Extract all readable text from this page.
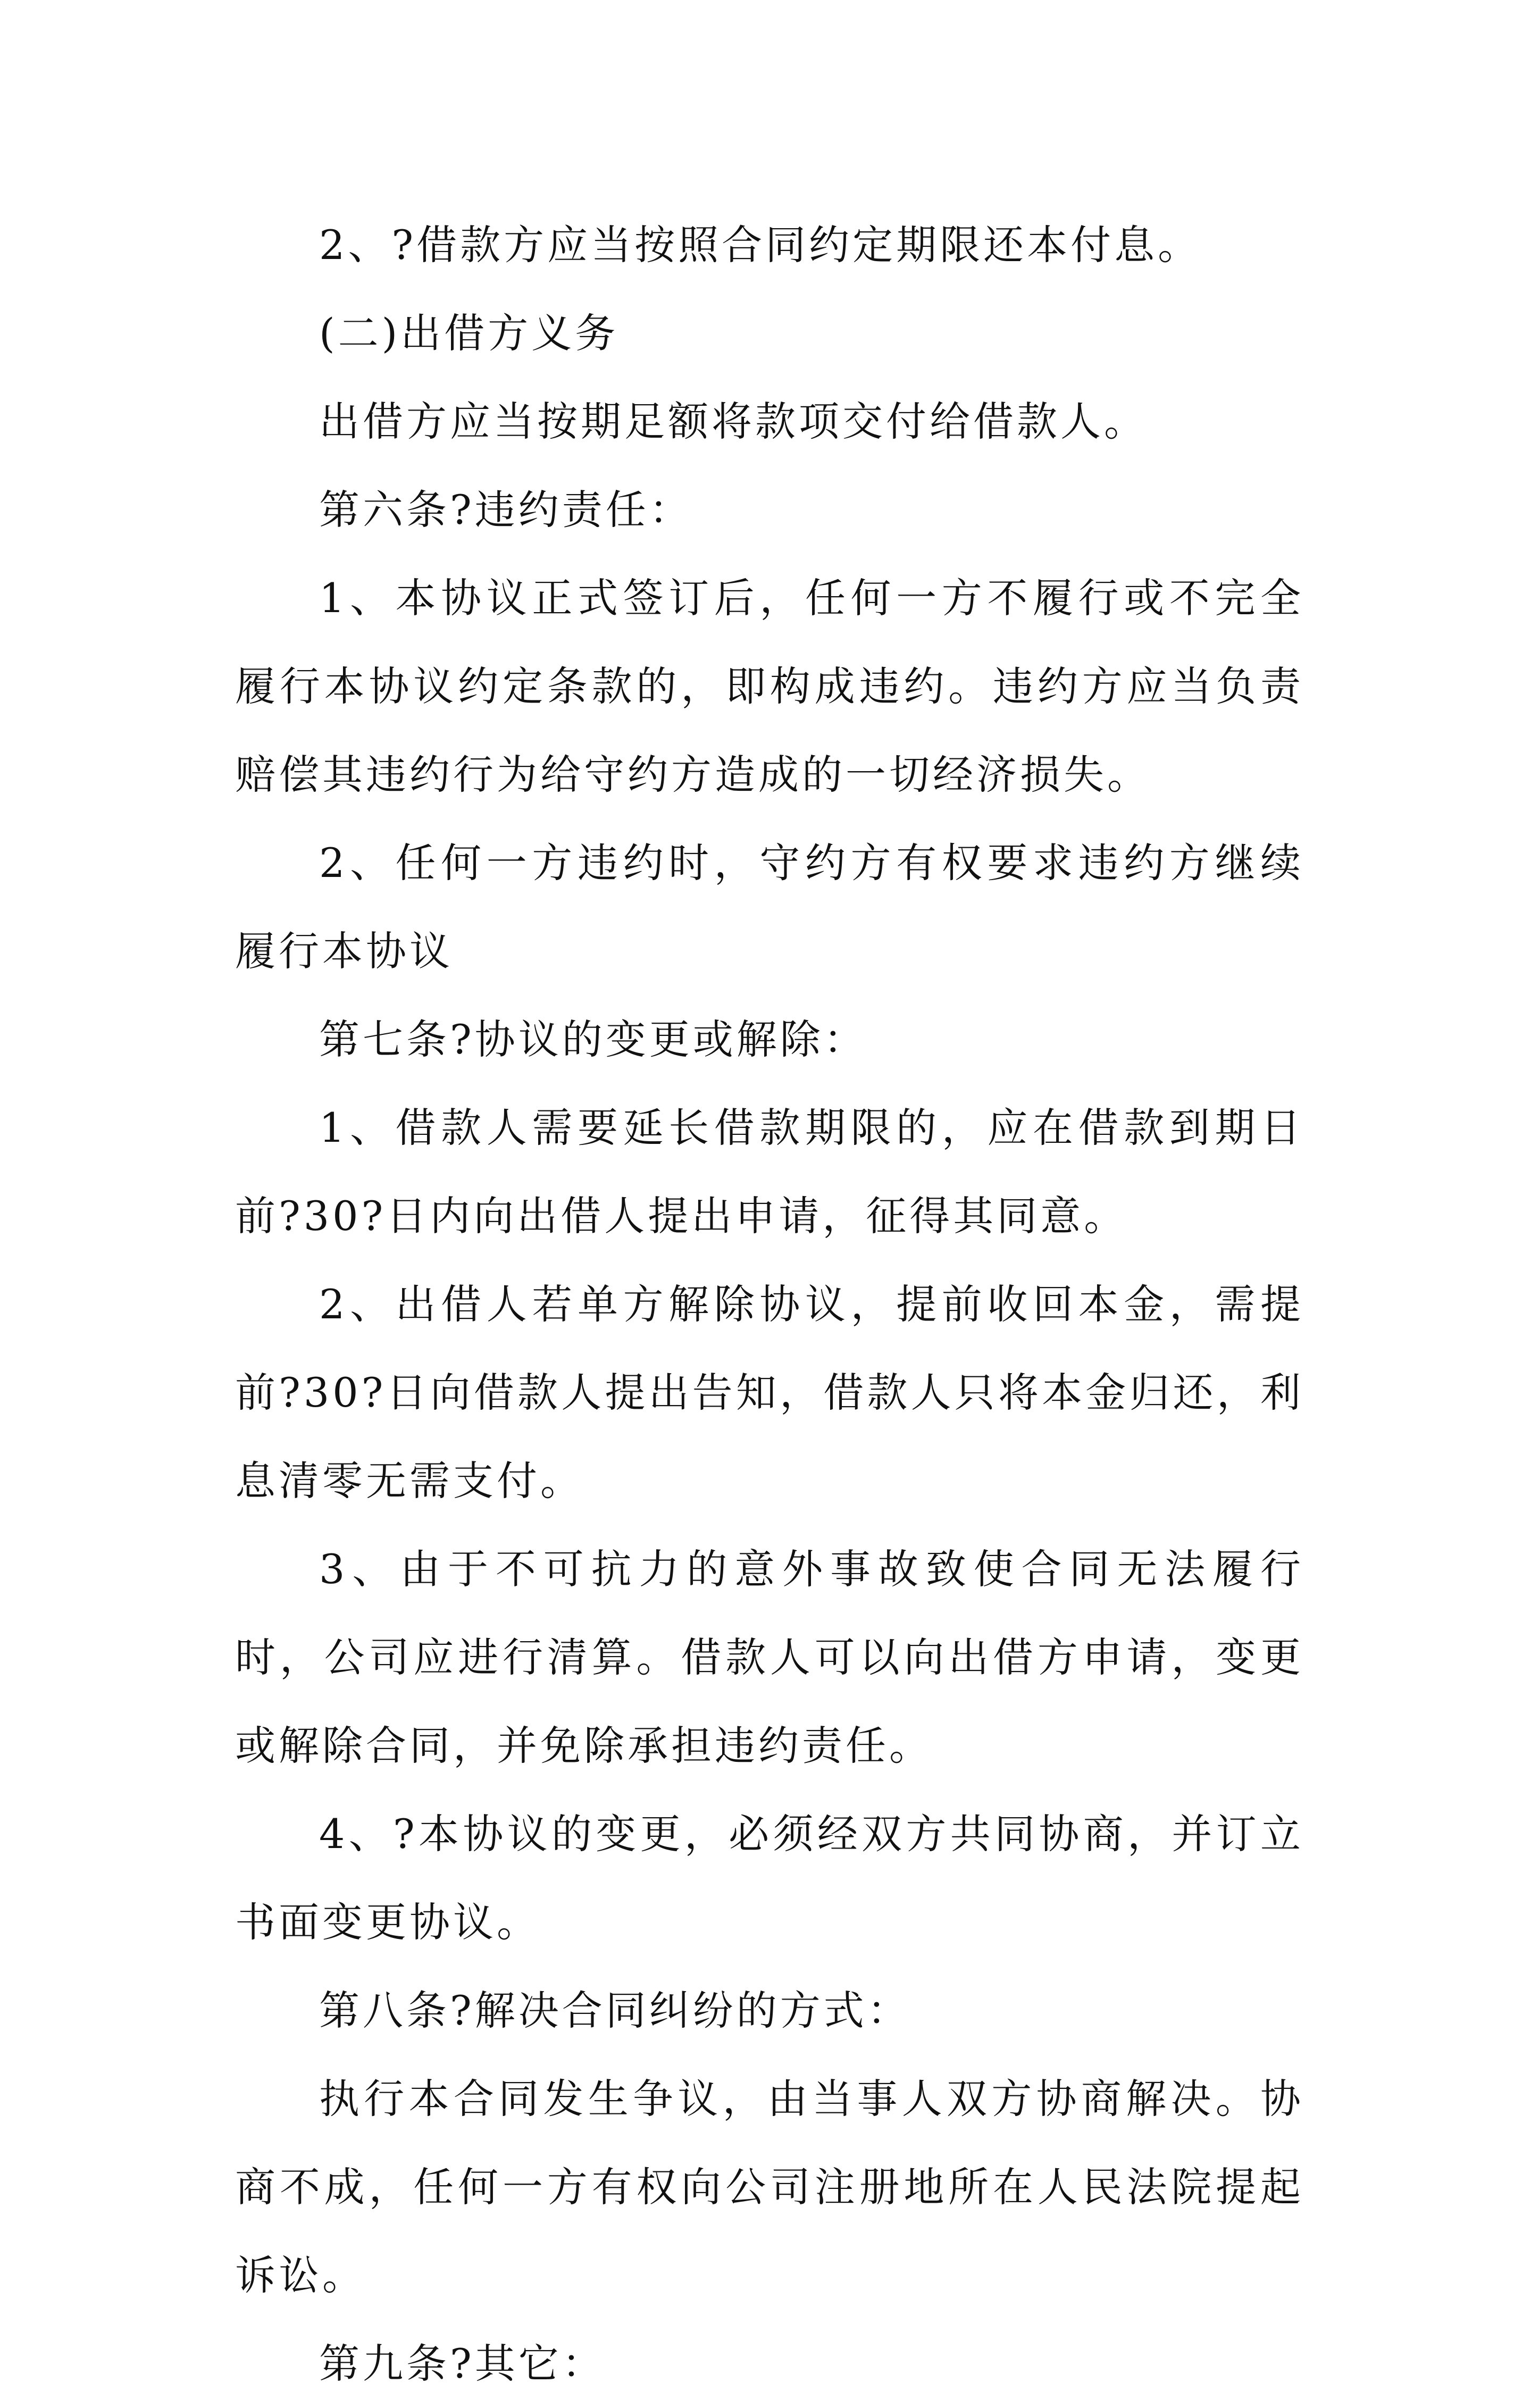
2、?借款方应当按照合同约定期限还本付息。

(二)出借方义务

出借方应当按期足额将款项交付给借款人。

第六条?违约责任：

1、本协议正式签订后，任何一方不履行或不完全履行本协议约定条款的，即构成违约。违约方应当负责赔偿其违约行为给守约方造成的一切经济损失。

2、任何一方违约时，守约方有权要求违约方继续履行本协议

第七条?协议的变更或解除：

1、借款人需要延长借款期限的，应在借款到期日前?30?日内向出借人提出申请，征得其同意。

2、出借人若单方解除协议，提前收回本金，需提前?30?日向借款人提出告知，借款人只将本金归还，利息清零无需支付。

3、由于不可抗力的意外事故致使合同无法履行时，公司应进行清算。借款人可以向出借方申请，变更或解除合同，并免除承担违约责任。

4、?本协议的变更，必须经双方共同协商，并订立书面变更协议。

第八条?解决合同纠纷的方式：

执行本合同发生争议，由当事人双方协商解决。协商不成，任何一方有权向公司注册地所在人民法院提起诉讼。

第九条?其它：
